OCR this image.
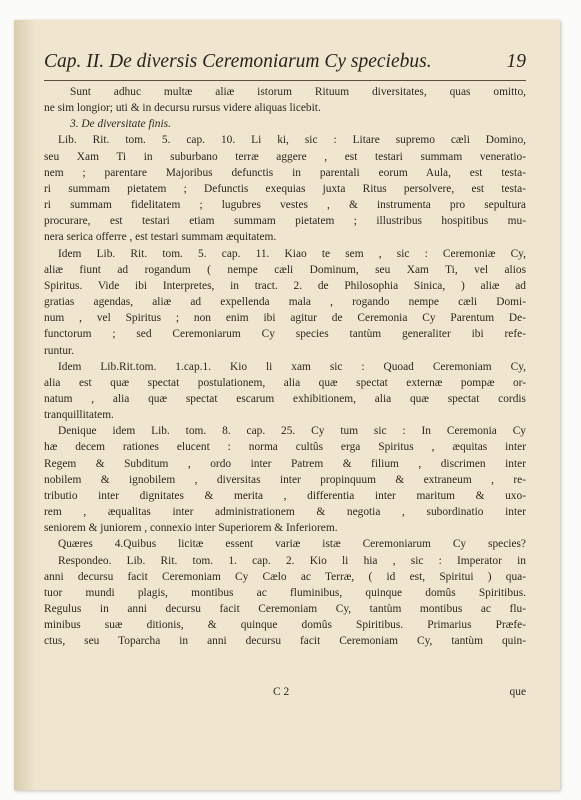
Cap. II. De diversis Ceremoniarum Cy speciebus.	19
Sunt adhuc multæ aliæ istorum Rituum diversitates, quas omitto,
ne sim longior; uti & in decursu rursus videre aliquas licebit.
3. De diversitate finis.
Lib. Rit. tom. 5. cap. 10. Li ki, sic : Litare supremo cæli Domino,
seu Xam Ti in suburbano terræ aggere , est testari summam veneratio-
nem ; parentare Majoribus defunctis in parentali eorum Aula, est testa-
ri summam pietatem ; Defunctis exequias juxta Ritus persolvere, est testa-
ri summam fidelitatem ; lugubres vestes , & instrumenta pro sepultura
procurare, est testari etiam summam pietatem ; illustribus hospitibus mu-
nera serica offerre , est testari summam æquitatem.
Idem Lib. Rit. tom. 5. cap. 11. Kiao te sem , sic : Ceremoniæ Cy,
aliæ fiunt ad rogandum ( nempe cæli Dominum, seu Xam Ti, vel alios
Spiritus. Vide ibi Interpretes, in tract. 2. de Philosophia Sinica, ) aliæ ad
gratias agendas, aliæ ad expellenda mala , rogando nempe cæli Domi-
num , vel Spiritus ; non enim ibi agitur de Ceremonia Cy Parentum De-
functorum ; sed Ceremoniarum Cy species tantùm generaliter ibi refe-
runtur.
Idem Lib.Rit.tom. 1.cap.1. Kio li xam sic : Quoad Ceremoniam Cy,
alia est quæ spectat postulationem, alia quæ spectat externæ pompæ or-
natum , alia quæ spectat escarum exhibitionem, alia quæ spectat cordis
tranquillitatem.
Denique idem Lib. tom. 8. cap. 25. Cy tum sic : In Ceremonia Cy
hæ decem rationes elucent : norma cultûs erga Spiritus , æquitas inter
Regem & Subditum , ordo inter Patrem & filium , discrimen inter
nobilem & ignobilem , diversitas inter propinquum & extraneum , re-
tributio inter dignitates & merita , differentia inter maritum & uxo-
rem , æqualitas inter administrationem & negotia , subordinatio inter
seniorem & juniorem , connexio inter Superiorem & Inferiorem.
Quæres 4.Quibus licitæ essent variæ istæ Ceremoniarum Cy species?
Respondeo. Lib. Rit. tom. 1. cap. 2. Kio li hia , sic : Imperator in
anni decursu facit Ceremoniam Cy Cælo ac Terræ, ( id est, Spiritui ) qua-
tuor mundi plagis, montibus ac fluminibus, quinque domûs Spiritibus.
Regulus in anni decursu facit Ceremoniam Cy, tantùm montibus ac flu-
minibus suæ ditionis, & quinque domûs Spiritibus. Primarius Præfe-
ctus, seu Toparcha in anni decursu facit Ceremoniam Cy, tantùm quin-
C 2	que
